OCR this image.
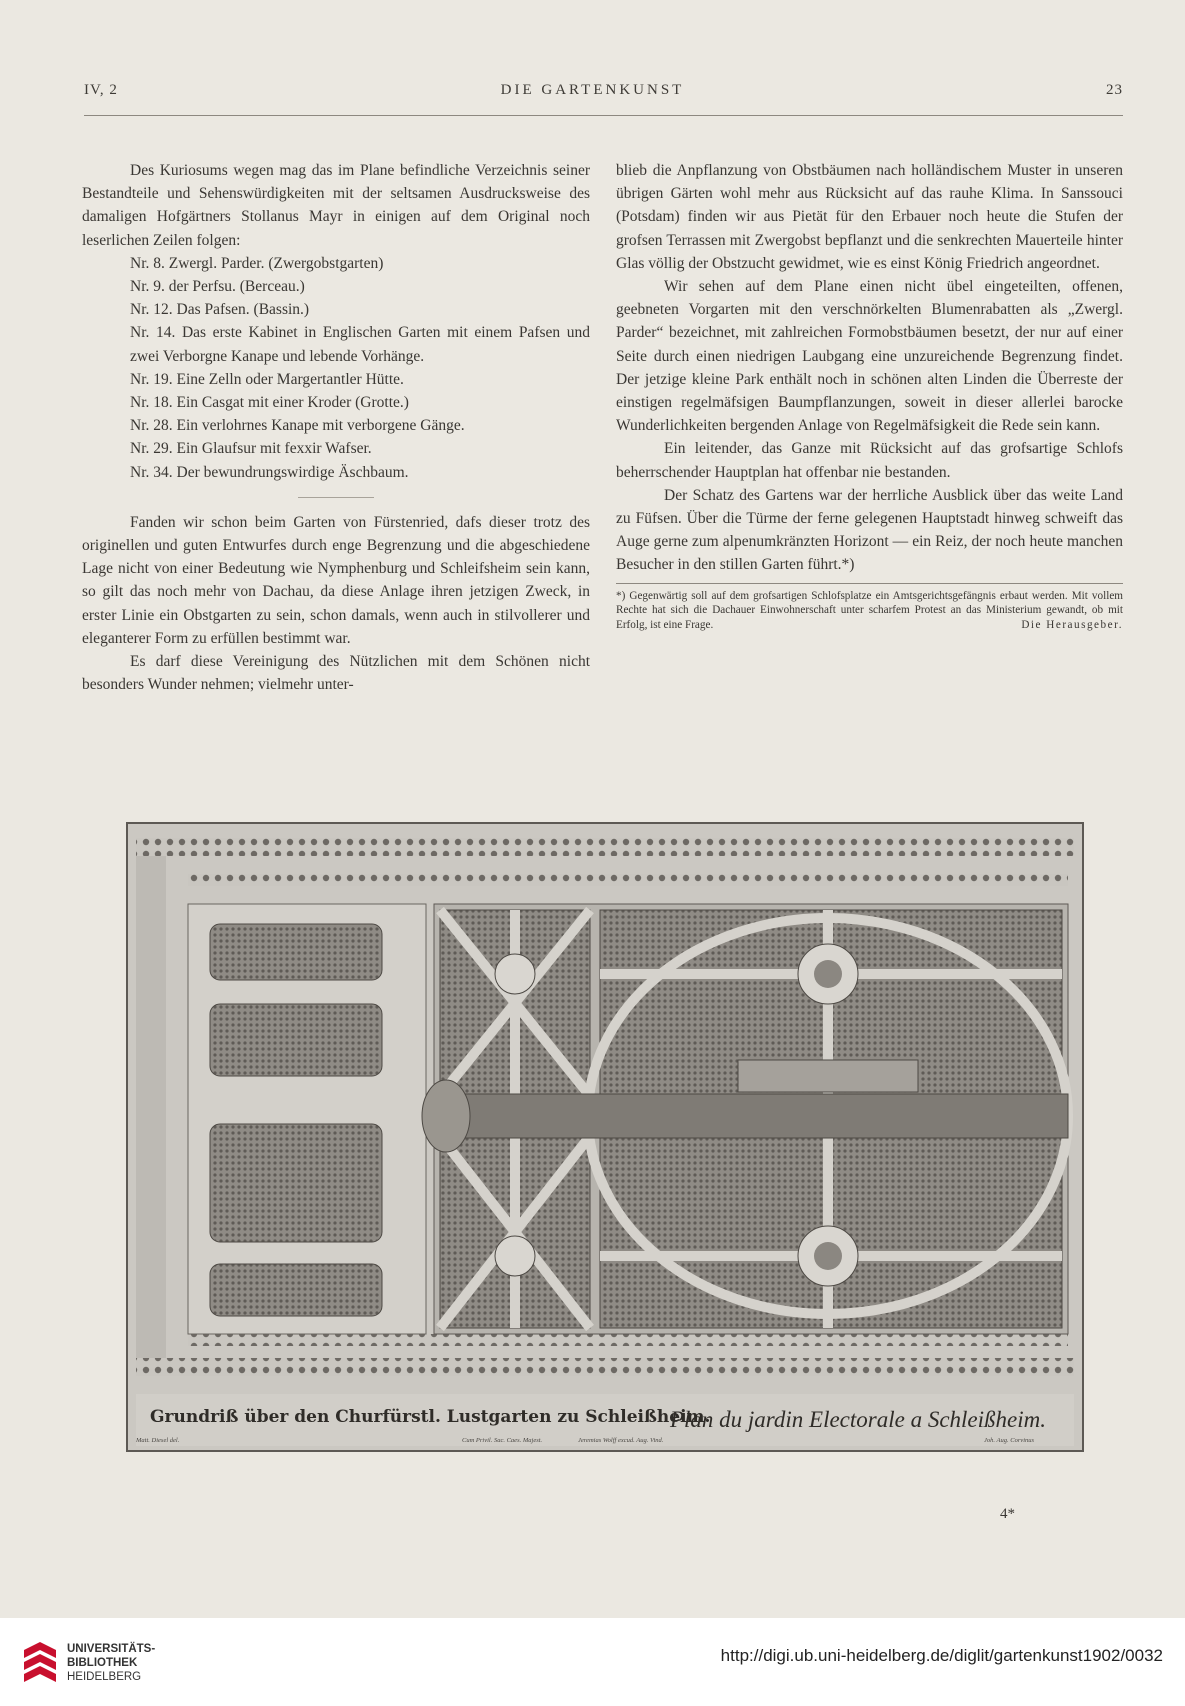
DIE GARTENKUNST
IV, 2	23

Des Kuriosums wegen mag das im Plane befindliche Verzeichnis seiner Bestandteile und Sehenswürdigkeiten mit der seltsamen Ausdrucksweise des damaligen Hofgärtners Stollanus Mayr in einigen auf dem Original noch leserlichen Zeilen folgen:

Nr. 8. Zwergl. Parder. (Zwergobstgarten)

Nr. 9. der Perfsu. (Berceau.)

Nr. 12. Das Pafsen. (Bassin.)

Nr. 14. Das erste Kabinet in Englischen Garten mit einem Pafsen und zwei Verborgne Kanape und lebende Vorhänge.

Nr. 19. Eine Zelln oder Margertantler Hütte.

Nr. 18. Ein Casgat mit einer Kroder (Grotte.)

Nr. 28. Ein verlohrnes Kanape mit verborgene Gänge.

Nr. 29. Ein Glaufsur mit fexxir Wafser.

Nr. 34. Der bewundrungswirdige Äschbaum.

Fanden wir schon beim Garten von Fürstenried, dafs dieser trotz des originellen und guten Entwurfes durch enge Begrenzung und die abgeschiedene Lage nicht von einer Bedeutung wie Nymphenburg und Schleifsheim sein kann, so gilt das noch mehr von Dachau, da diese Anlage ihren jetzigen Zweck, in erster Linie ein Obstgarten zu sein, schon damals, wenn auch in stilvollerer und eleganterer Form zu erfüllen bestimmt war.

Es darf diese Vereinigung des Nützlichen mit dem Schönen nicht besonders Wunder nehmen; vielmehr unter-

blieb die Anpflanzung von Obstbäumen nach holländischem Muster in unseren übrigen Gärten wohl mehr aus Rücksicht auf das rauhe Klima. In Sanssouci (Potsdam) finden wir aus Pietät für den Erbauer noch heute die Stufen der grofsen Terrassen mit Zwergobst bepflanzt und die senkrechten Mauerteile hinter Glas völlig der Obstzucht gewidmet, wie es einst König Friedrich angeordnet.

Wir sehen auf dem Plane einen nicht übel eingeteilten, offenen, geebneten Vorgarten mit den verschnörkelten Blumenrabatten als „Zwergl. Parder“ bezeichnet, mit zahlreichen Formobstbäumen besetzt, der nur auf einer Seite durch einen niedrigen Laubgang eine unzureichende Begrenzung findet. Der jetzige kleine Park enthält noch in schönen alten Linden die Überreste der einstigen regelmäfsigen Baumpflanzungen, soweit in dieser allerlei barocke Wunderlichkeiten bergenden Anlage von Regelmäfsigkeit die Rede sein kann.

Ein leitender, das Ganze mit Rücksicht auf das grofsartige Schlofs beherrschender Hauptplan hat offenbar nie bestanden.

Der Schatz des Gartens war der herrliche Ausblick über das weite Land zu Füfsen. Über die Türme der ferne gelegenen Hauptstadt hinweg schweift das Auge gerne zum alpenumkränzten Horizont — ein Reiz, der noch heute manchen Besucher in den stillen Garten führt.*)

*) Gegenwärtig soll auf dem grofsartigen Schlofsplatze ein Amtsgerichtsgefängnis erbaut werden. Mit vollem Rechte hat sich die Dachauer Einwohnerschaft unter scharfem Protest an das Ministerium gewandt, ob mit Erfolg, ist eine Frage.	Die Herausgeber.

Grundriß über den Churfürstl. Lustgarten zu Schleißheim.
Plan du jardin Electorale a Schleißheim.
Matt. Diesel del.	Cum Privil. Sac. Caes. Majest.	Jeremias Wolff excud. Aug. Vind.	Joh. Aug. Corvinus
4*
UNIVERSITÄTS-
BIBLIOTHEK
HEIDELBERG
http://digi.ub.uni-heidelberg.de/diglit/gartenkunst1902/0032
